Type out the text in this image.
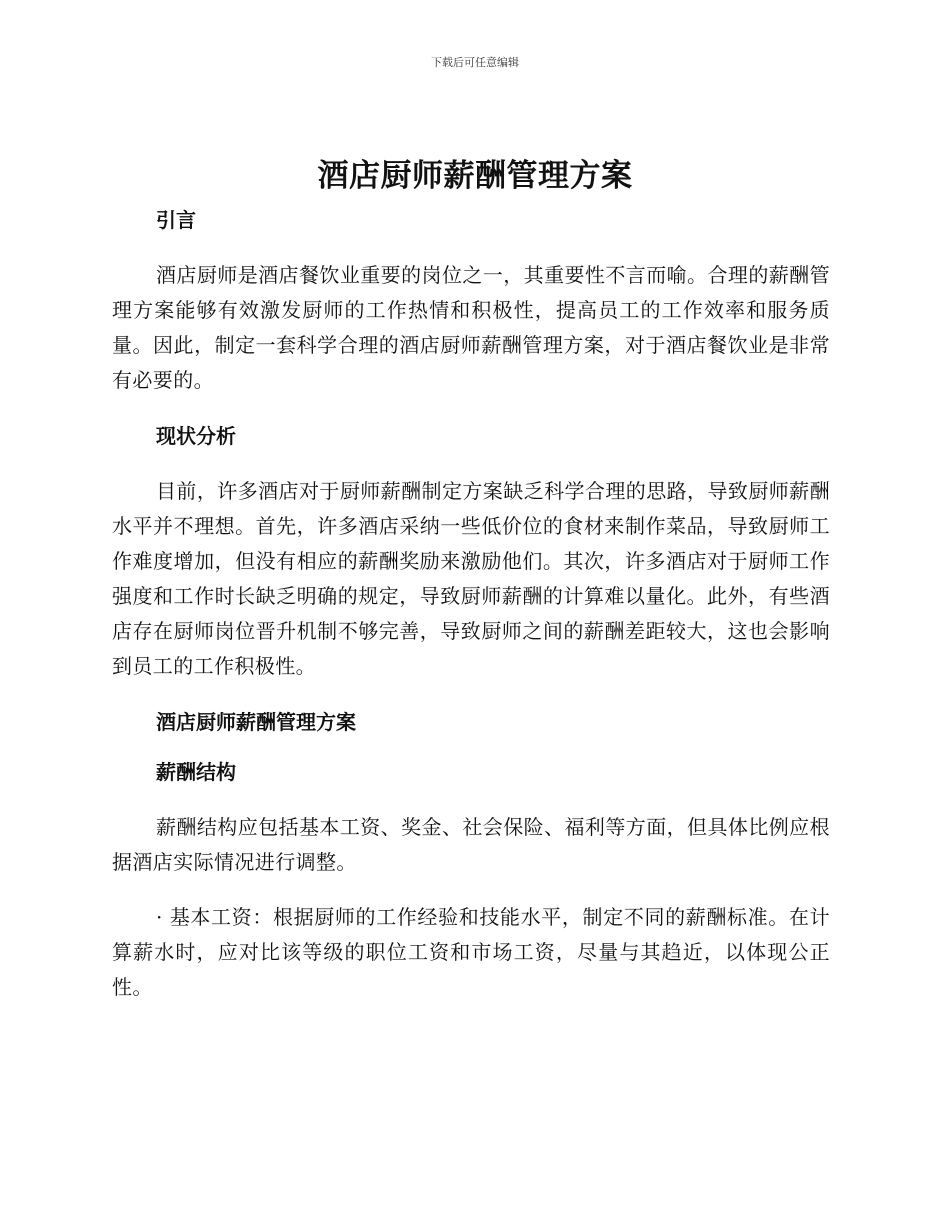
下载后可任意编辑
酒店厨师薪酬管理方案
引言

酒店厨师是酒店餐饮业重要的岗位之一，其重要性不言而喻。合理的薪酬管理方案能够有效激发厨师的工作热情和积极性，提高员工的工作效率和服务质量。因此，制定一套科学合理的酒店厨师薪酬管理方案，对于酒店餐饮业是非常有必要的。

现状分析

目前，许多酒店对于厨师薪酬制定方案缺乏科学合理的思路，导致厨师薪酬水平并不理想。首先，许多酒店采纳一些低价位的食材来制作菜品，导致厨师工作难度增加，但没有相应的薪酬奖励来激励他们。其次，许多酒店对于厨师工作强度和工作时长缺乏明确的规定，导致厨师薪酬的计算难以量化。此外，有些酒店存在厨师岗位晋升机制不够完善，导致厨师之间的薪酬差距较大，这也会影响到员工的工作积极性。

酒店厨师薪酬管理方案
薪酬结构

薪酬结构应包括基本工资、奖金、社会保险、福利等方面，但具体比例应根据酒店实际情况进行调整。

· 基本工资：根据厨师的工作经验和技能水平，制定不同的薪酬标准。在计算薪水时，应对比该等级的职位工资和市场工资，尽量与其趋近，以体现公正性。
